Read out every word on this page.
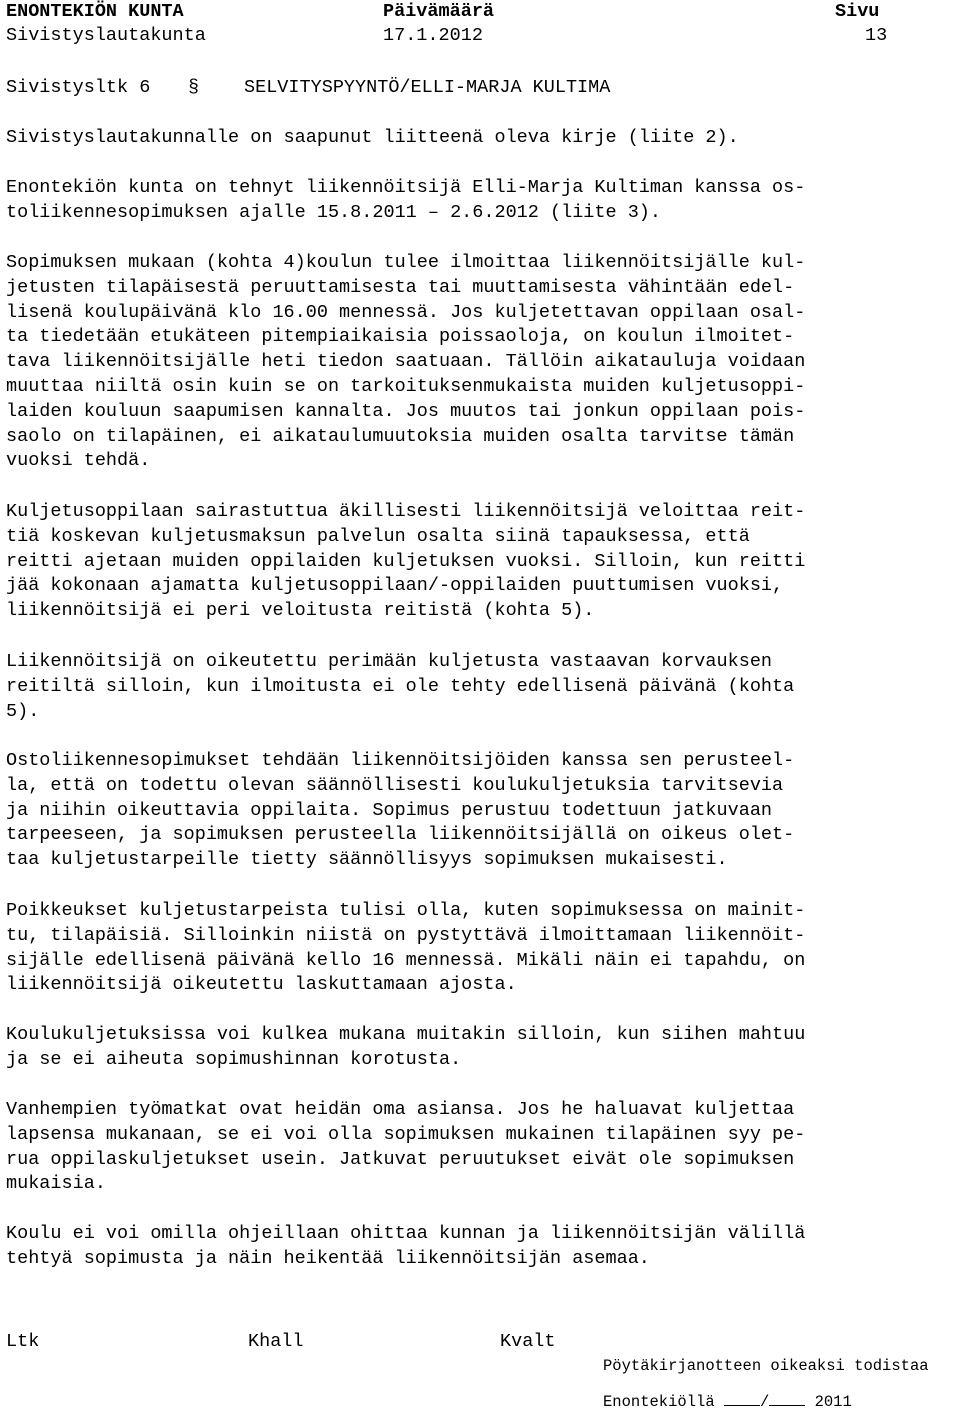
ENONTEKIÖN KUNTA	Päivämäärä	Sivu
Sivistyslautakunta	17.1.2012	13
Sivistysltk 6 § SELVITYSPYYNTÖ/ELLI-MARJA KULTIMA
Sivistyslautakunnalle on saapunut liitteenä oleva kirje (liite 2).
Enontekiön kunta on tehnyt liikennöitsijä Elli-Marja Kultiman kanssa os-
toliikennesopimuksen ajalle 15.8.2011 – 2.6.2012 (liite 3).
Sopimuksen mukaan (kohta 4)koulun tulee ilmoittaa liikennöitsijälle kul-
jetusten tilapäisestä peruuttamisesta tai muuttamisesta vähintään edel-
lisenä koulupäivänä klo 16.00 mennessä. Jos kuljetettavan oppilaan osal-
ta tiedetään etukäteen pitempiaikaisia poissaoloja, on koulun ilmoitet-
tava liikennöitsijälle heti tiedon saatuaan. Tällöin aikatauluja voidaan
muuttaa niiltä osin kuin se on tarkoituksenmukaista muiden kuljetusoppi-
laiden kouluun saapumisen kannalta. Jos muutos tai jonkun oppilaan pois-
saolo on tilapäinen, ei aikataulumuutoksia muiden osalta tarvitse tämän
vuoksi tehdä.
Kuljetusoppilaan sairastuttua äkillisesti liikennöitsijä veloittaa reit-
tiä koskevan kuljetusmaksun palvelun osalta siinä tapauksessa, että
reitti ajetaan muiden oppilaiden kuljetuksen vuoksi. Silloin, kun reitti
jää kokonaan ajamatta kuljetusoppilaan/-oppilaiden puuttumisen vuoksi,
liikennöitsijä ei peri veloitusta reitistä (kohta 5).
Liikennöitsijä on oikeutettu perimään kuljetusta vastaavan korvauksen
reitiltä silloin, kun ilmoitusta ei ole tehty edellisenä päivänä (kohta
5).
Ostoliikennesopimukset tehdään liikennöitsijöiden kanssa sen perusteel-
la, että on todettu olevan säännöllisesti koulukuljetuksia tarvitsevia
ja niihin oikeuttavia oppilaita. Sopimus perustuu todettuun jatkuvaan
tarpeeseen, ja sopimuksen perusteella liikennöitsijällä on oikeus olet-
taa kuljetustarpeille tietty säännöllisyys sopimuksen mukaisesti.
Poikkeukset kuljetustarpeista tulisi olla, kuten sopimuksessa on mainit-
tu, tilapäisiä. Silloinkin niistä on pystyttävä ilmoittamaan liikennöit-
sijälle edellisenä päivänä kello 16 mennessä. Mikäli näin ei tapahdu, on
liikennöitsijä oikeutettu laskuttamaan ajosta.
Koulukuljetuksissa voi kulkea mukana muitakin silloin, kun siihen mahtuu
ja se ei aiheuta sopimushinnan korotusta.
Vanhempien työmatkat ovat heidän oma asiansa. Jos he haluavat kuljettaa
lapsensa mukanaan, se ei voi olla sopimuksen mukainen tilapäinen syy pe-
rua oppilaskuljetukset usein. Jatkuvat peruutukset eivät ole sopimuksen
mukaisia.
Koulu ei voi omilla ohjeillaan ohittaa kunnan ja liikennöitsijän välillä
tehtyä sopimusta ja näin heikentää liikennöitsijän asemaa.
Ltk	Khall	Kvalt
Pöytäkirjanotteen oikeaksi todistaa
Enontekiöllä	/	2011
